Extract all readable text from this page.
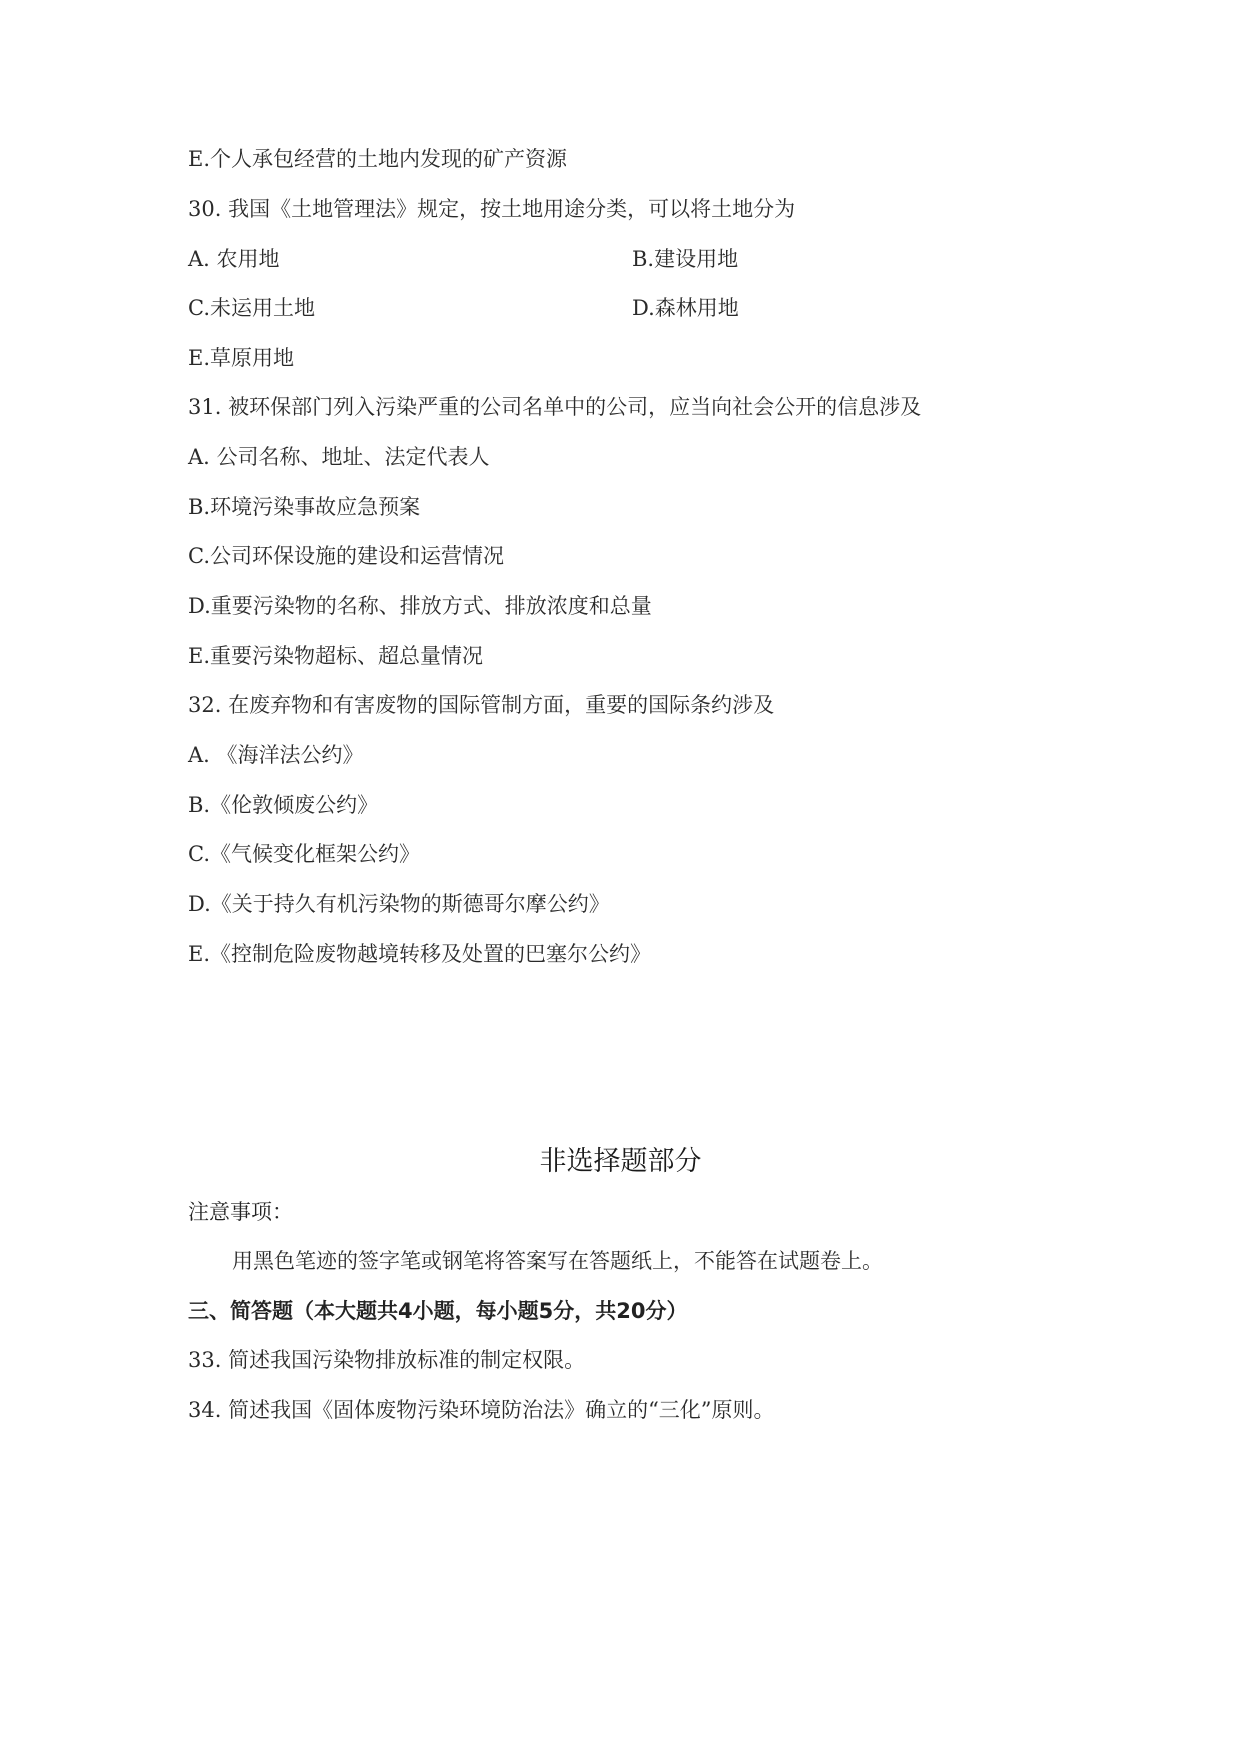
E.个人承包经营的土地内发现的矿产资源
30. 我国《土地管理法》规定，按土地用途分类，可以将土地分为
A. 农用地	B.建设用地
C.未运用土地	D.森林用地
E.草原用地
31. 被环保部门列入污染严重的公司名单中的公司，应当向社会公开的信息涉及
A. 公司名称、地址、法定代表人
B.环境污染事故应急预案
C.公司环保设施的建设和运营情况
D.重要污染物的名称、排放方式、排放浓度和总量
E.重要污染物超标、超总量情况
32. 在废弃物和有害废物的国际管制方面，重要的国际条约涉及
A. 《海洋法公约》
B.《伦敦倾废公约》
C.《气候变化框架公约》
D.《关于持久有机污染物的斯德哥尔摩公约》
E.《控制危险废物越境转移及处置的巴塞尔公约》
非选择题部分
注意事项：
用黑色笔迹的签字笔或钢笔将答案写在答题纸上，不能答在试题卷上。
三、简答题（本大题共4小题，每小题5分，共20分）
33. 简述我国污染物排放标准的制定权限。
34. 简述我国《固体废物污染环境防治法》确立的“三化”原则。
